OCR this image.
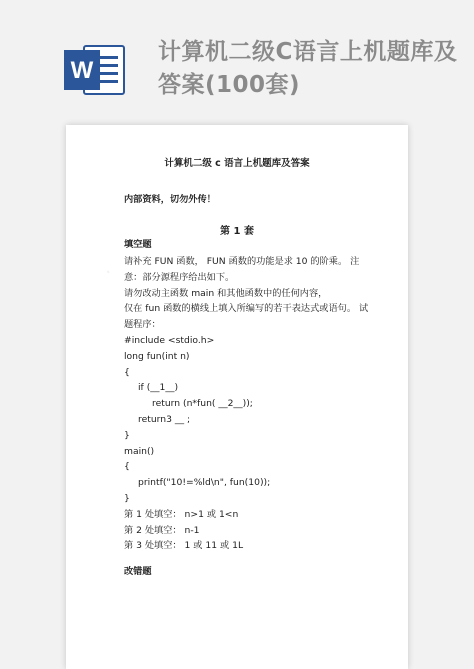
W
计算机二级C语言上机题库及答案(100套)
·
计算机二级 c 语言上机题库及答案
内部资料，切勿外传！
第 1 套
填空题
请补充 FUN 函数， FUN 函数的功能是求 10 的阶乘。 注意：部分源程序给出如下。
请勿改动主函数 main 和其他函数中的任何内容，
仅在 fun 函数的横线上填入所编写的若干表达式或语句。 试题程序：
#include <stdio.h>
long fun(int n)
{
if (__1__)
return (n*fun( __2__));
return3 __ ;
}
main()
{
printf("10!=%ld\n", fun(10));
}
第 1 处填空： n>1 或 1<n
第 2 处填空： n-1
第 3 处填空： 1 或 11 或 1L
改错题
